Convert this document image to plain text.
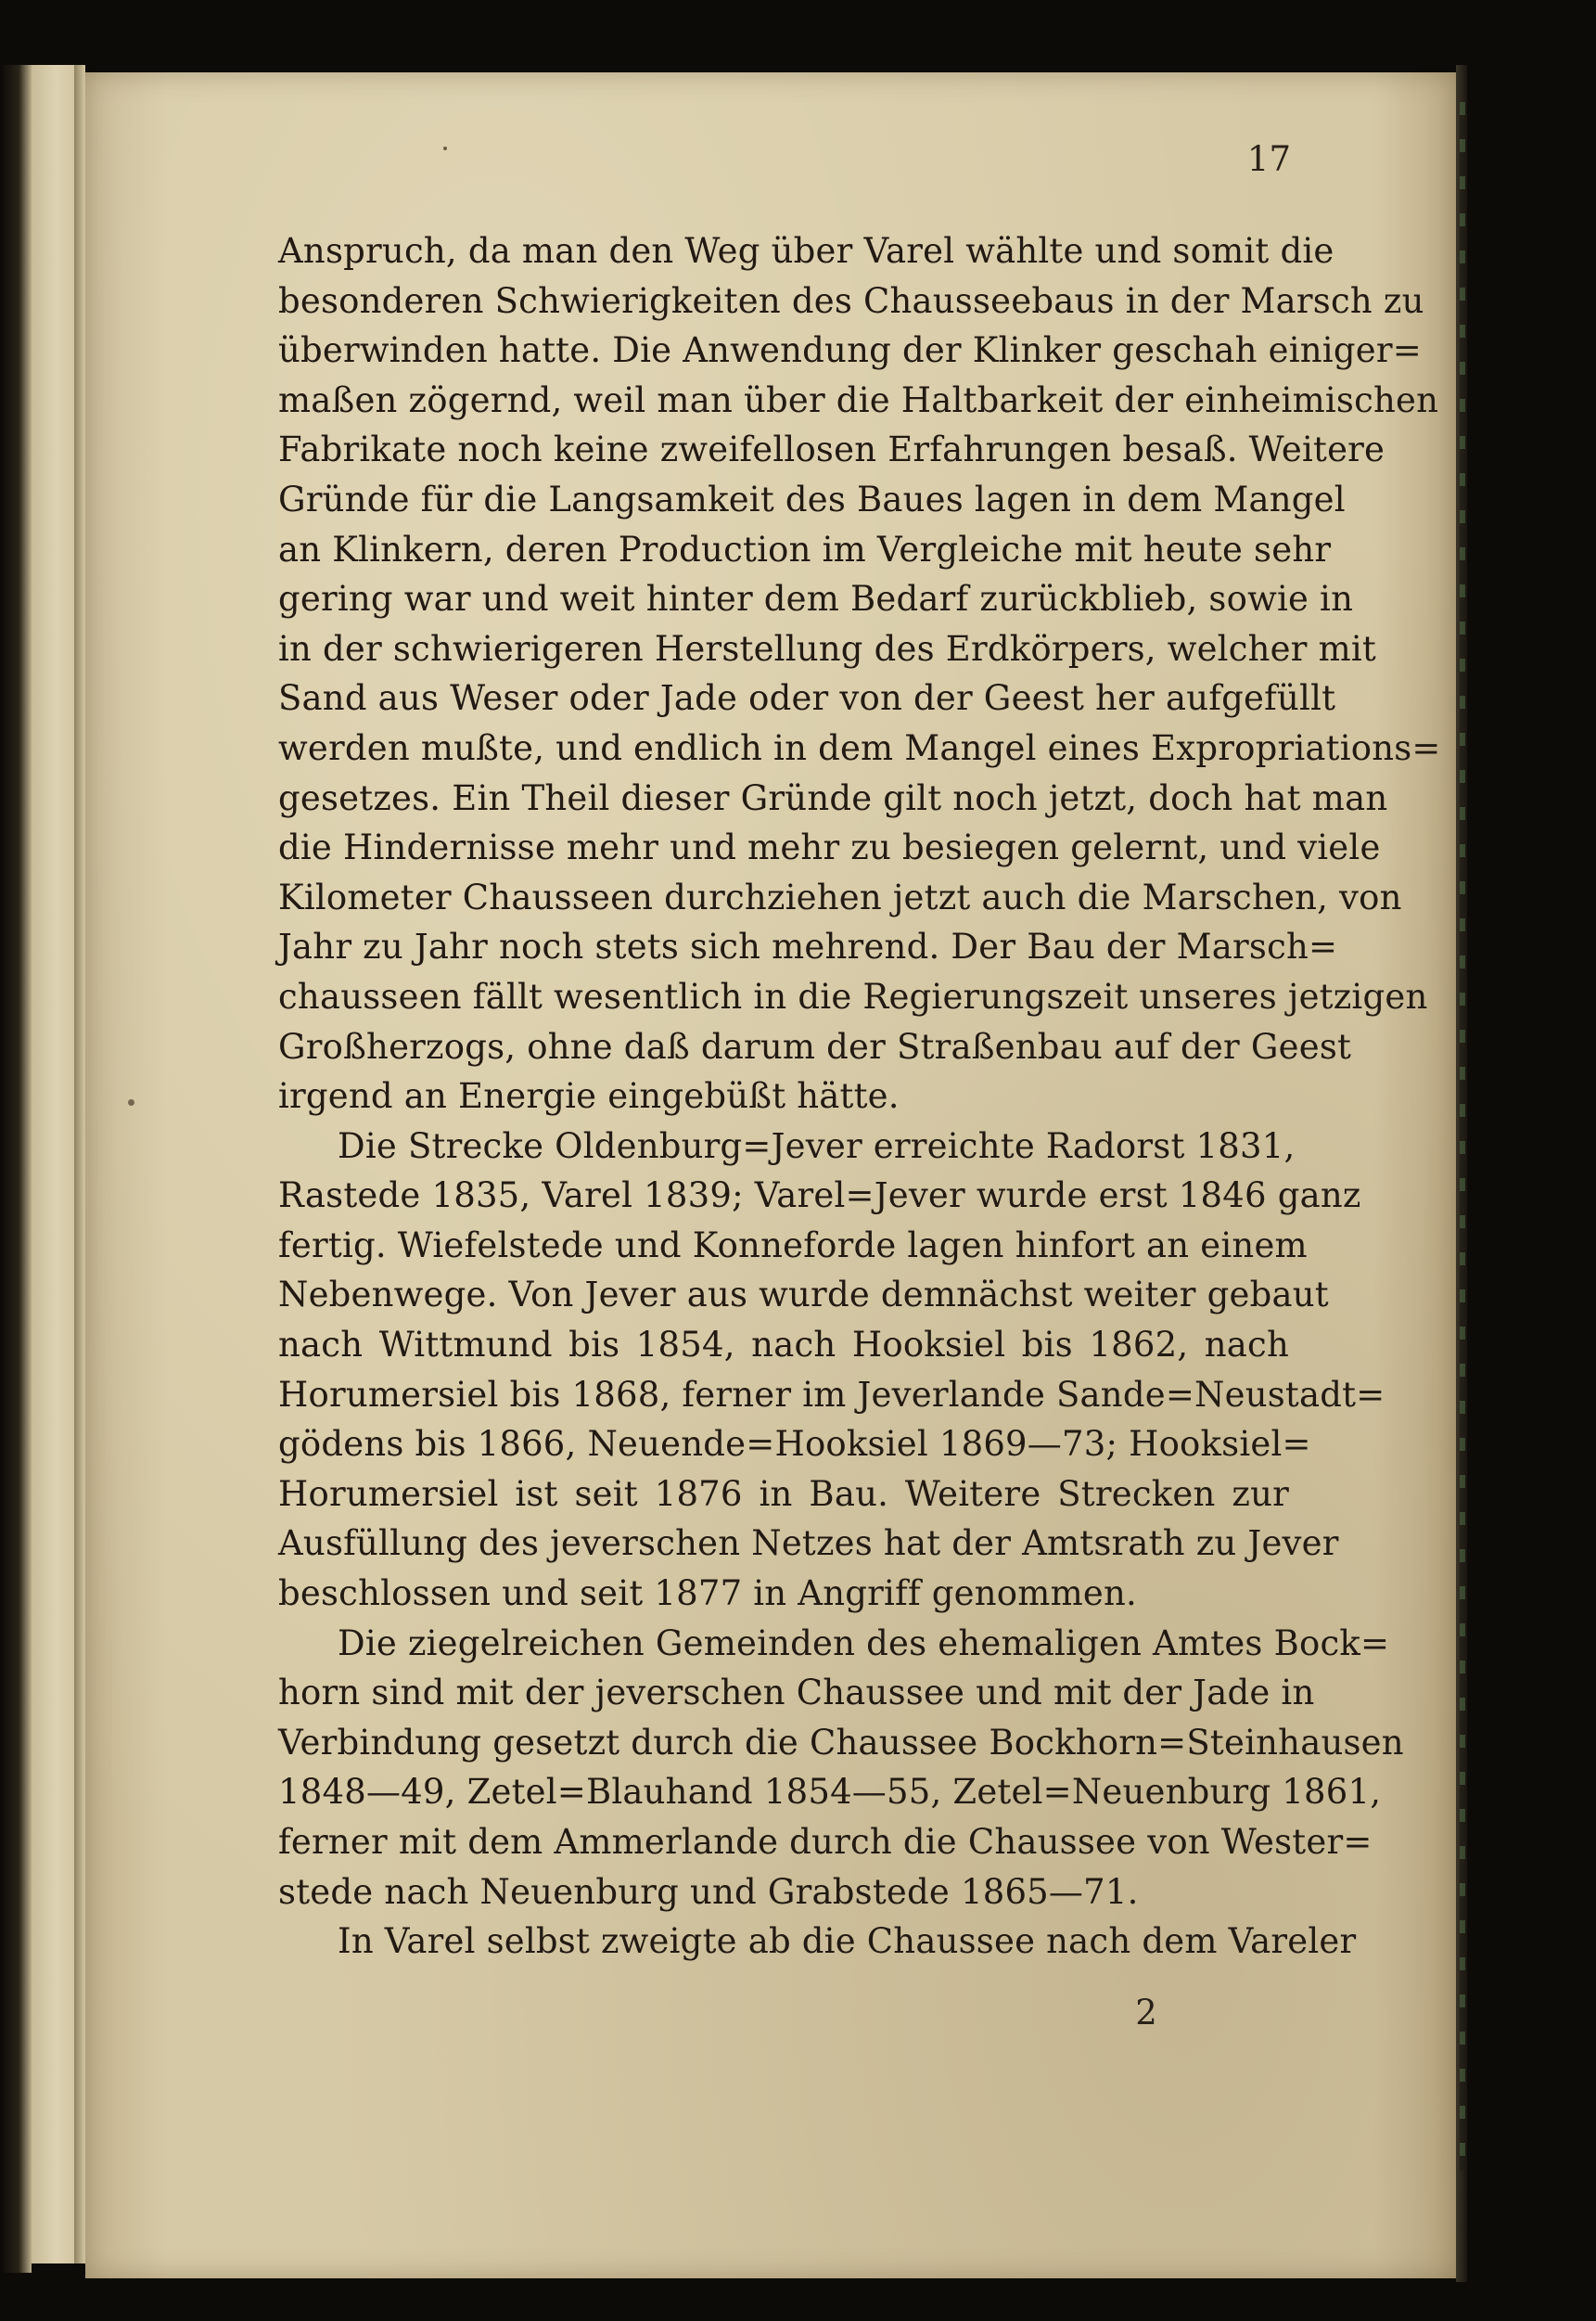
17
Anspruch, da man den Weg über Varel wählte und somit die
besonderen Schwierigkeiten des Chausseebaus in der Marsch zu
überwinden hatte. Die Anwendung der Klinker geschah einiger=
maßen zögernd, weil man über die Haltbarkeit der einheimischen
Fabrikate noch keine zweifellosen Erfahrungen besaß. Weitere
Gründe für die Langsamkeit des Baues lagen in dem Mangel
an Klinkern, deren Production im Vergleiche mit heute sehr
gering war und weit hinter dem Bedarf zurückblieb, sowie in
in der schwierigeren Herstellung des Erdkörpers, welcher mit
Sand aus Weser oder Jade oder von der Geest her aufgefüllt
werden mußte, und endlich in dem Mangel eines Expropriations=
gesetzes. Ein Theil dieser Gründe gilt noch jetzt, doch hat man
die Hindernisse mehr und mehr zu besiegen gelernt, und viele
Kilometer Chausseen durchziehen jetzt auch die Marschen, von
Jahr zu Jahr noch stets sich mehrend. Der Bau der Marsch=
chausseen fällt wesentlich in die Regierungszeit unseres jetzigen
Großherzogs, ohne daß darum der Straßenbau auf der Geest
irgend an Energie eingebüßt hätte.
Die Strecke Oldenburg=Jever erreichte Radorst 1831,
Rastede 1835, Varel 1839; Varel=Jever wurde erst 1846 ganz
fertig. Wiefelstede und Konneforde lagen hinfort an einem
Nebenwege. Von Jever aus wurde demnächst weiter gebaut
nach Wittmund bis 1854, nach Hooksiel bis 1862, nach
Horumersiel bis 1868, ferner im Jeverlande Sande=Neustadt=
gödens bis 1866, Neuende=Hooksiel 1869—73; Hooksiel=
Horumersiel ist seit 1876 in Bau. Weitere Strecken zur
Ausfüllung des jeverschen Netzes hat der Amtsrath zu Jever
beschlossen und seit 1877 in Angriff genommen.
Die ziegelreichen Gemeinden des ehemaligen Amtes Bock=
horn sind mit der jeverschen Chaussee und mit der Jade in
Verbindung gesetzt durch die Chaussee Bockhorn=Steinhausen
1848—49, Zetel=Blauhand 1854—55, Zetel=Neuenburg 1861,
ferner mit dem Ammerlande durch die Chaussee von Wester=
stede nach Neuenburg und Grabstede 1865—71.
In Varel selbst zweigte ab die Chaussee nach dem Vareler
2
